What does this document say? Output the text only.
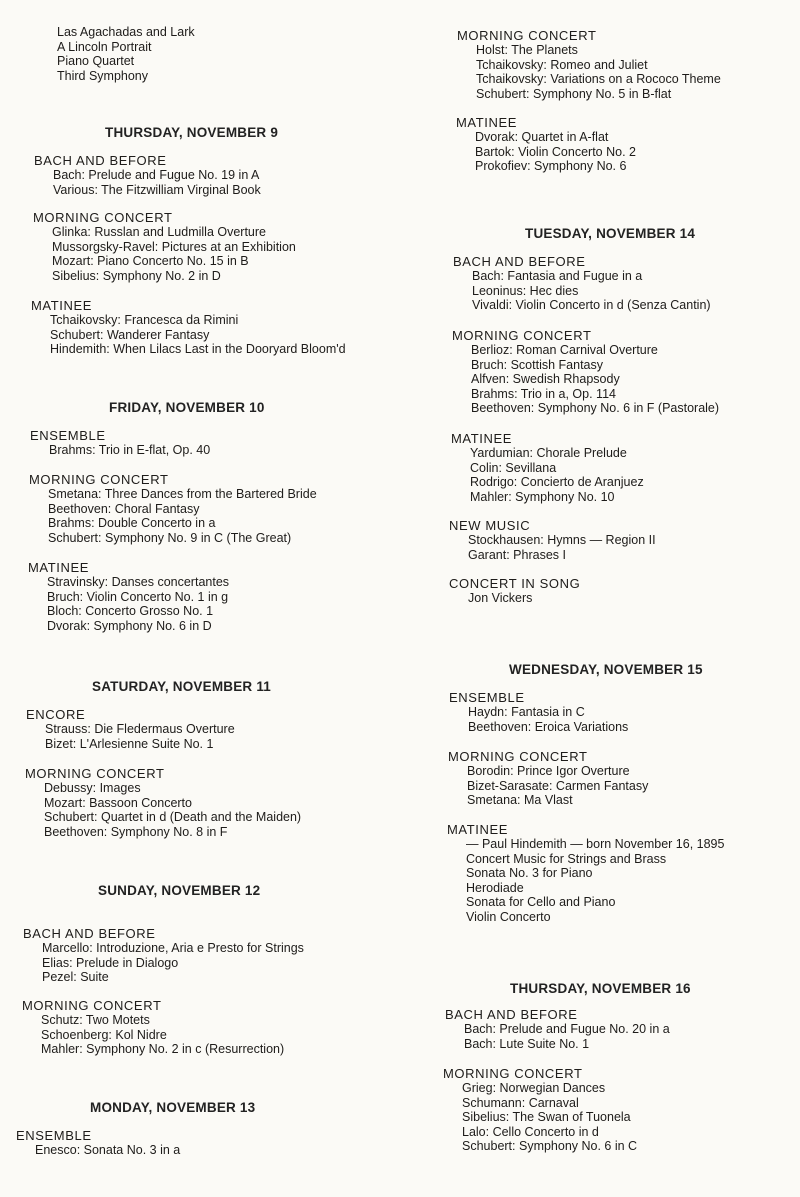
Las Agachadas and Lark

A Lincoln Portrait

Piano Quartet

Third Symphony

THURSDAY, NOVEMBER 9

BACH AND BEFORE

Bach: Prelude and Fugue No. 19 in A

Various: The Fitzwilliam Virginal Book

MORNING CONCERT

Glinka: Russlan and Ludmilla Overture

Mussorgsky-Ravel: Pictures at an Exhibition

Mozart: Piano Concerto No. 15 in B

Sibelius: Symphony No. 2 in D

MATINEE

Tchaikovsky: Francesca da Rimini

Schubert: Wanderer Fantasy

Hindemith: When Lilacs Last in the Dooryard Bloom'd

FRIDAY, NOVEMBER 10

ENSEMBLE

Brahms: Trio in E-flat, Op. 40

MORNING CONCERT

Smetana: Three Dances from the Bartered Bride

Beethoven: Choral Fantasy

Brahms: Double Concerto in a

Schubert: Symphony No. 9 in C (The Great)

MATINEE

Stravinsky: Danses concertantes

Bruch: Violin Concerto No. 1 in g

Bloch: Concerto Grosso No. 1

Dvorak: Symphony No. 6 in D

SATURDAY, NOVEMBER 11

ENCORE

Strauss: Die Fledermaus Overture

Bizet: L'Arlesienne Suite No. 1

MORNING CONCERT

Debussy: Images

Mozart: Bassoon Concerto

Schubert: Quartet in d (Death and the Maiden)

Beethoven: Symphony No. 8 in F

SUNDAY, NOVEMBER 12

BACH AND BEFORE

Marcello: Introduzione, Aria e Presto for Strings

Elias: Prelude in Dialogo

Pezel: Suite

MORNING CONCERT

Schutz: Two Motets

Schoenberg: Kol Nidre

Mahler: Symphony No. 2 in c (Resurrection)

MONDAY, NOVEMBER 13

ENSEMBLE

Enesco: Sonata No. 3 in a

MORNING CONCERT

Holst: The Planets

Tchaikovsky: Romeo and Juliet

Tchaikovsky: Variations on a Rococo Theme

Schubert: Symphony No. 5 in B-flat

MATINEE

Dvorak: Quartet in A-flat

Bartok: Violin Concerto No. 2

Prokofiev: Symphony No. 6

TUESDAY, NOVEMBER 14

BACH AND BEFORE

Bach: Fantasia and Fugue in a

Leoninus: Hec dies

Vivaldi: Violin Concerto in d (Senza Cantin)

MORNING CONCERT

Berlioz: Roman Carnival Overture

Bruch: Scottish Fantasy

Alfven: Swedish Rhapsody

Brahms: Trio in a, Op. 114

Beethoven: Symphony No. 6 in F (Pastorale)

MATINEE

Yardumian: Chorale Prelude

Colin: Sevillana

Rodrigo: Concierto de Aranjuez

Mahler: Symphony No. 10

NEW MUSIC

Stockhausen: Hymns — Region II

Garant: Phrases I

CONCERT IN SONG

Jon Vickers

WEDNESDAY, NOVEMBER 15

ENSEMBLE

Haydn: Fantasia in C

Beethoven: Eroica Variations

MORNING CONCERT

Borodin: Prince Igor Overture

Bizet-Sarasate: Carmen Fantasy

Smetana: Ma Vlast

MATINEE

— Paul Hindemith — born November 16, 1895

Concert Music for Strings and Brass

Sonata No. 3 for Piano

Herodiade

Sonata for Cello and Piano

Violin Concerto

THURSDAY, NOVEMBER 16

BACH AND BEFORE

Bach: Prelude and Fugue No. 20 in a

Bach: Lute Suite No. 1

MORNING CONCERT

Grieg: Norwegian Dances

Schumann: Carnaval

Sibelius: The Swan of Tuonela

Lalo: Cello Concerto in d

Schubert: Symphony No. 6 in C
